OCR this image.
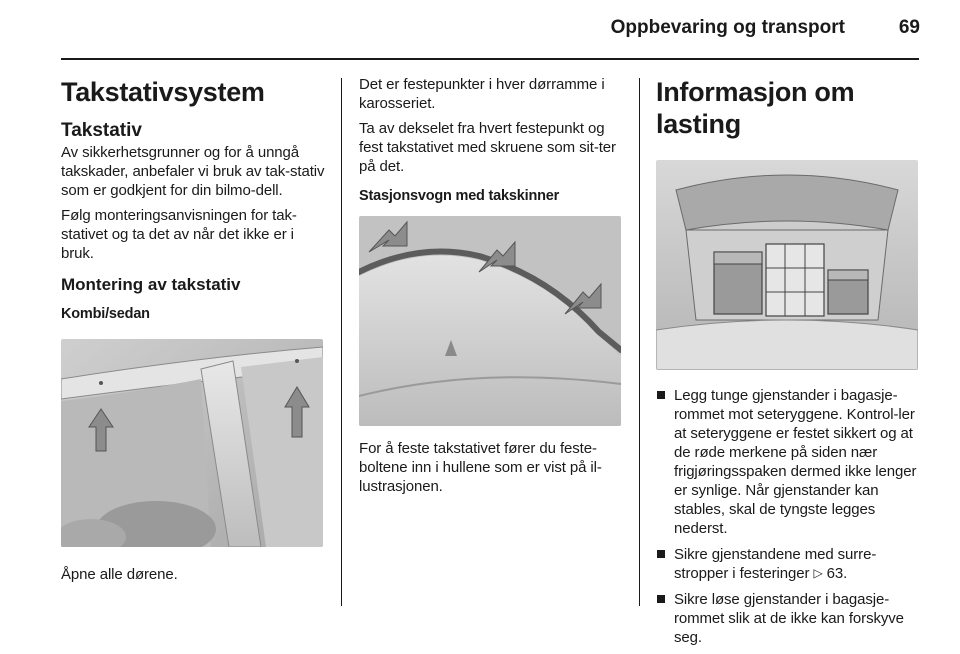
Oppbevaring og transport	69
Takstativsystem
Takstativ

Av sikkerhetsgrunner og for å unngå takskader, anbefaler vi bruk av tak-stativ som er godkjent for din bilmo-dell.

Følg monteringsanvisningen for tak-stativet og ta det av når det ikke er i bruk.

Montering av takstativ
Kombi/sedan

Åpne alle dørene.

Det er festepunkter i hver dørramme i karosseriet.

Ta av dekselet fra hvert festepunkt og fest takstativet med skruene som sit-ter på det.

Stasjonsvogn med takskinner

For å feste takstativet fører du feste-boltene inn i hullene som er vist på il-lustrasjonen.

Informasjon om lasting
Legg tunge gjenstander i bagasje-rommet mot seteryggene. Kontrol-ler at seteryggene er festet sikkert og at de røde merkene på siden nær frigjøringsspaken dermed ikke lenger er synlige. Når gjenstander kan stables, skal de tyngste legges nederst.
Sikre gjenstandene med surre-stropper i festeringer ▷ 63.
Sikre løse gjenstander i bagasje-rommet slik at de ikke kan forskyve seg.
